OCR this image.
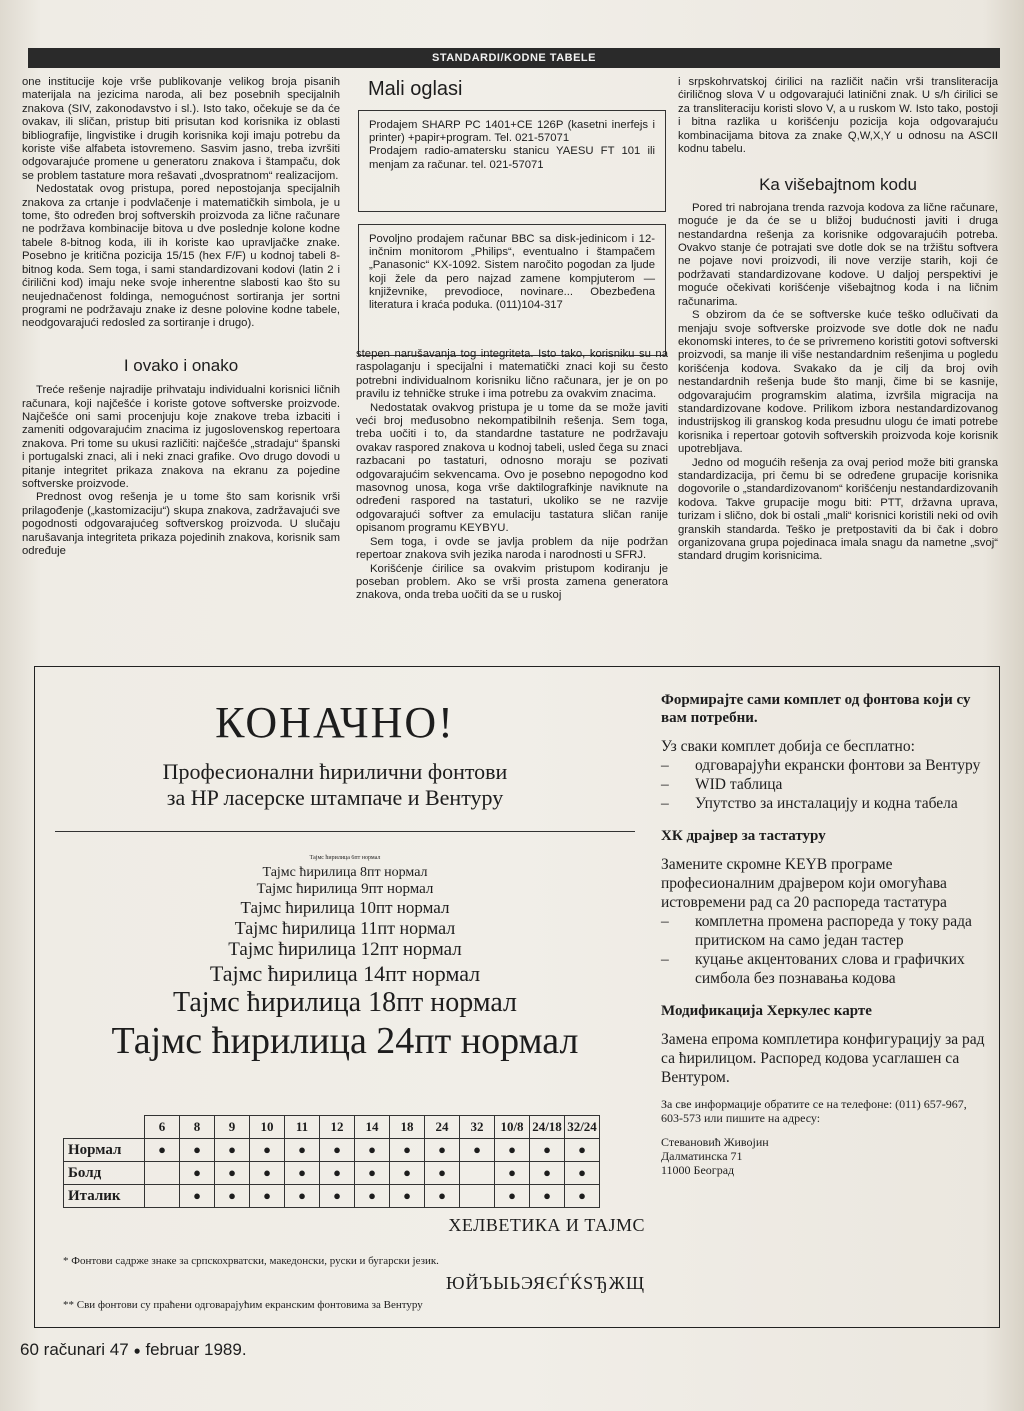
STANDARDI/KODNE TABELE

one institucije koje vrše publikovanje velikog broja pisanih materijala na jezicima naroda, ali bez posebnih specijalnih znakova (SIV, zakonodavstvo i sl.). Isto tako, očekuje se da će ovakav, ili sličan, pristup biti prisutan kod korisnika iz oblasti bibliografije, lingvistike i drugih korisnika koji imaju potrebu da koriste više alfabeta istovremeno. Sasvim jasno, treba izvršiti odgovarajuće promene u generatoru znakova i štampaču, dok se problem tastature mora rešavati „dvospratnom“ realizacijom.

Nedostatak ovog pristupa, pored nepostojanja specijalnih znakova za crtanje i podvlačenje i matematičkih simbola, je u tome, što određen broj softverskih proizvoda za lične računare ne podržava kombinacije bitova u dve poslednje kolone kodne tabele 8-bitnog koda, ili ih koriste kao upravljačke znake. Posebno je kritična pozicija 15/15 (hex F/F) u kodnoj tabeli 8-bitnog koda. Sem toga, i sami standardizovani kodovi (latin 2 i ćirilični kod) imaju neke svoje inherentne slabosti kao što su neujednačenost foldinga, nemogućnost sortiranja jer sortni programi ne podržavaju znake iz desne polovine kodne tabele, neodgovarajući redosled za sortiranje i drugo).

I ovako i onako

Treće rešenje najradije prihvataju individualni korisnici ličnih računara, koji najčešće i koriste gotove softverske proizvode. Najčešće oni sami procenjuju koje znakove treba izbaciti i zameniti odgovarajućim znacima iz jugoslovenskog repertoara znakova. Pri tome su ukusi različiti: najčešće „stradaju“ španski i portugalski znaci, ali i neki znaci grafike. Ovo drugo dovodi u pitanje integritet prikaza znakova na ekranu za pojedine softverske proizvode.

Prednost ovog rešenja je u tome što sam korisnik vrši prilagođenje („kastomizaciju“) skupa znakova, zadržavajući sve pogodnosti odgovarajućeg softverskog proizvoda. U slučaju narušavanja integriteta prikaza pojedinih znakova, korisnik sam određuje

Mali oglasi

Prodajem SHARP PC 1401+CE 126P (kasetni inerfejs i printer) +papir+program. Tel. 021-57071

Prodajem radio-amatersku stanicu YAESU FT 101 ili menjam za računar. tel. 021-57071

Povoljno prodajem računar BBC sa disk-jedinicom i 12-inčnim monitorom „Philips“, eventualno i štampačem „Panasonic“ KX-1092. Sistem naročito pogodan za ljude koji žele da pero najzad zamene kompjuterom — književnike, prevodioce, novinare... Obezbeđena literatura i kraća poduka. (011)104-317

stepen narušavanja tog integriteta. Isto tako, korisniku su na raspolaganju i specijalni i matematički znaci koji su često potrebni individualnom korisniku lično računara, jer je on po pravilu iz tehničke struke i ima potrebu za ovakvim znacima.

Nedostatak ovakvog pristupa je u tome da se može javiti veći broj međusobno nekompatibilnih rešenja. Sem toga, treba uočiti i to, da standardne tastature ne podržavaju ovakav raspored znakova u kodnoj tabeli, usled čega su znaci razbacani po tastaturi, odnosno moraju se pozivati odgovarajućim sekvencama. Ovo je posebno nepogodno kod masovnog unosa, koga vrše daktilografkinje naviknute na određeni raspored na tastaturi, ukoliko se ne razvije odgovarajući softver za emulaciju tastatura sličan ranije opisanom programu KEYBYU.

Sem toga, i ovde se javlja problem da nije podržan repertoar znakova svih jezika naroda i narodnosti u SFRJ.

Korišćenje ćirilice sa ovakvim pristupom kodiranju je poseban problem. Ako se vrši prosta zamena generatora znakova, onda treba uočiti da se u ruskoj

i srpskohrvatskoj ćirilici na različit način vrši transliteracija ćiriličnog slova V u odgovarajući latinični znak. U s/h ćirilici se za transliteraciju koristi slovo V, a u ruskom W. Isto tako, postoji i bitna razlika u korišćenju pozicija koja odgovarajuću kombinacijama bitova za znake Q,W,X,Y u odnosu na ASCII kodnu tabelu.

Ka višebajtnom kodu

Pored tri nabrojana trenda razvoja kodova za lične računare, moguće je da će se u bližoj budućnosti javiti i druga nestandardna rešenja za korisnike odgovarajućih potreba. Ovakvo stanje će potrajati sve dotle dok se na tržištu softvera ne pojave novi proizvodi, ili nove verzije starih, koji će podržavati standardizovane kodove. U daljoj perspektivi je moguće očekivati korišćenje višebajtnog koda i na ličnim računarima.

S obzirom da će se softverske kuće teško odlučivati da menjaju svoje softverske proizvode sve dotle dok ne nađu ekonomski interes, to će se privremeno koristiti gotovi softverski proizvodi, sa manje ili više nestandardnim rešenjima u pogledu korišćenja kodova. Svakako da je cilj da broj ovih nestandardnih rešenja bude što manji, čime bi se kasnije, odgovarajućim programskim alatima, izvršila migracija na standardizovane kodove. Prilikom izbora nestandardizovanog industrijskog ili granskog koda presudnu ulogu će imati potrebe korisnika i repertoar gotovih softverskih proizvoda koje korisnik upotrebljava.

Jedno od mogućih rešenja za ovaj period može biti granska standardizacija, pri čemu bi se određene grupacije korisnika dogovorile o „standardizovanom“ korišćenju nestandardizovanih kodova. Takve grupacije mogu biti: PTT, državna uprava, turizam i slično, dok bi ostali „mali“ korisnici koristili neki od ovih granskih standarda. Teško je pretpostaviti da bi čak i dobro organizovana grupa pojedinaca imala snagu da nametne „svoj“ standard drugim korisnicima.

КОНАЧНО!
Професионални ћирилични фонтови
за HP ласерске штампаче и Вентуру
Тајмс ћирилица 6пт нормал
Тајмс ћирилица 8пт нормал
Тајмс ћирилица 9пт нормал
Тајмс ћирилица 10пт нормал
Тајмс ћирилица 11пт нормал
Тајмс ћирилица 12пт нормал
Тајмс ћирилица 14пт нормал
Тајмс ћирилица 18пт нормал
Тајмс ћирилица 24пт нормал
	6	8	9	10	11	12	14	18	24	32	10/8	24/18	32/24
Нормал	●	●	●	●	●	●	●	●	●	●	●	●	●
Болд		●	●	●	●	●	●	●	●		●	●	●
Италик		●	●	●	●	●	●	●	●		●	●	●
ХЕЛВЕТИКА И ТАЈМС
* Фонтови садрже знаке за српскохрватски, македонски, руски и бугарски језик.
ЮЙЪЫЬЭЯЄЃЌЅЂЖЩ
** Сви фонтови су праћени одговарајућим екранским фонтовима за Вентуру
Формирајте сами комплет од фонтова који су вам потребни.

Уз сваки комплет добија се бесплатно:

– одговарајући екрански фонтови за Вентуру
– WID таблица
– Упутство за инсталацију и кодна табела
ХК драјвер за тастатуру

Замените скромне KEYB програме професионалним драјвером који омогућава истовремени рад са 20 распореда тастатура

– комплетна промена распореда у току рада притиском на само један тастер
– куцање акцентованих слова и графичких симбола без познавања кодова
Модификација Херкулес карте

Замена епрома комплетира конфигурацију за рад са ћирилицом. Распоред кодова усаглашен са Вентуром.

За све информације обратите се на телефоне: (011) 657-967, 603-573 или пишите на адресу:
Стевановић Живојин
Далматинска 71
11000 Београд
60 računari 47 ● februar 1989.
